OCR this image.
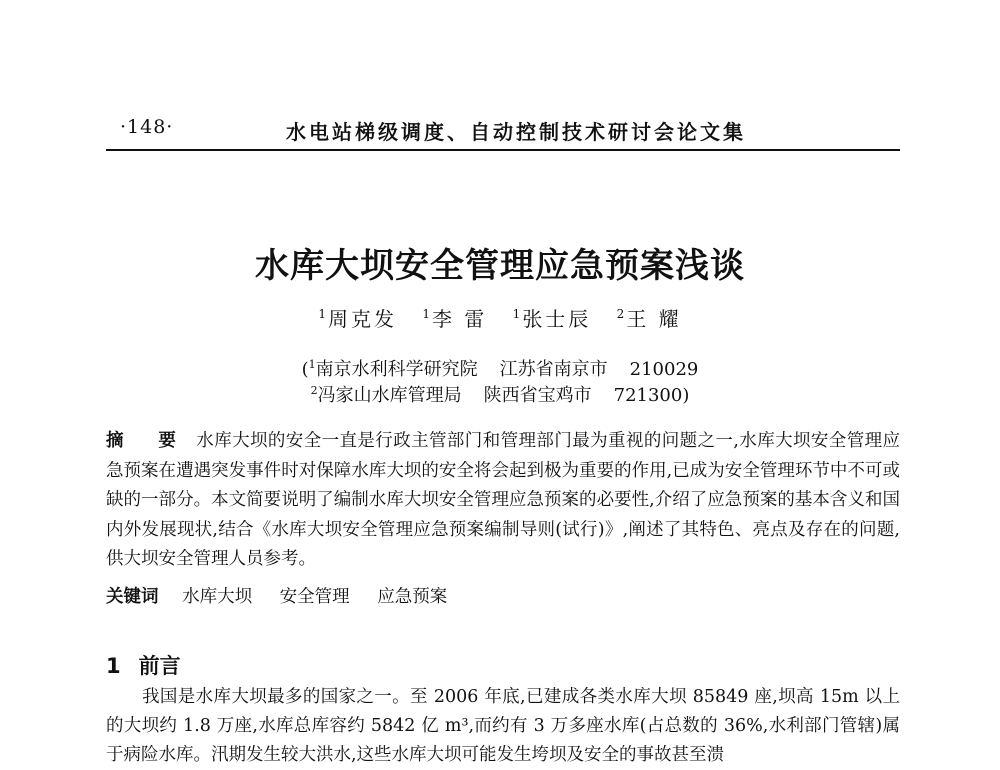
·148·	水电站梯级调度、自动控制技术研讨会论文集
水库大坝安全管理应急预案浅谈
$^1$ 周克发 $^1$ 李 雷 $^1$ 张士辰 $^2$ 王 耀
($^1$南京水利科学研究院 江苏省南京市 210029
$^2$冯家山水库管理局 陕西省宝鸡市 721300)
摘 要 水库大坝的安全一直是行政主管部门和管理部门最为重视的问题之一,水库大坝安全管理应急预案在遭遇突发事件时对保障水库大坝的安全将会起到极为重要的作用,已成为安全管理环节中不可或缺的一部分。本文简要说明了编制水库大坝安全管理应急预案的必要性,介绍了应急预案的基本含义和国内外发展现状,结合《水库大坝安全管理应急预案编制导则(试行)》,阐述了其特色、亮点及存在的问题,供大坝安全管理人员参考。
关键词 水库大坝 安全管理 应急预案
1 前言
我国是水库大坝最多的国家之一。至 2006 年底,已建成各类水库大坝 85849 座,坝高 15m 以上的大坝约 1.8 万座,水库总库容约 5842 亿 m³,而约有 3 万多座水库(占总数的 36%,水利部门管辖)属于病险水库。汛期发生较大洪水,这些水库大坝可能发生垮坝及安全的事故甚至溃
